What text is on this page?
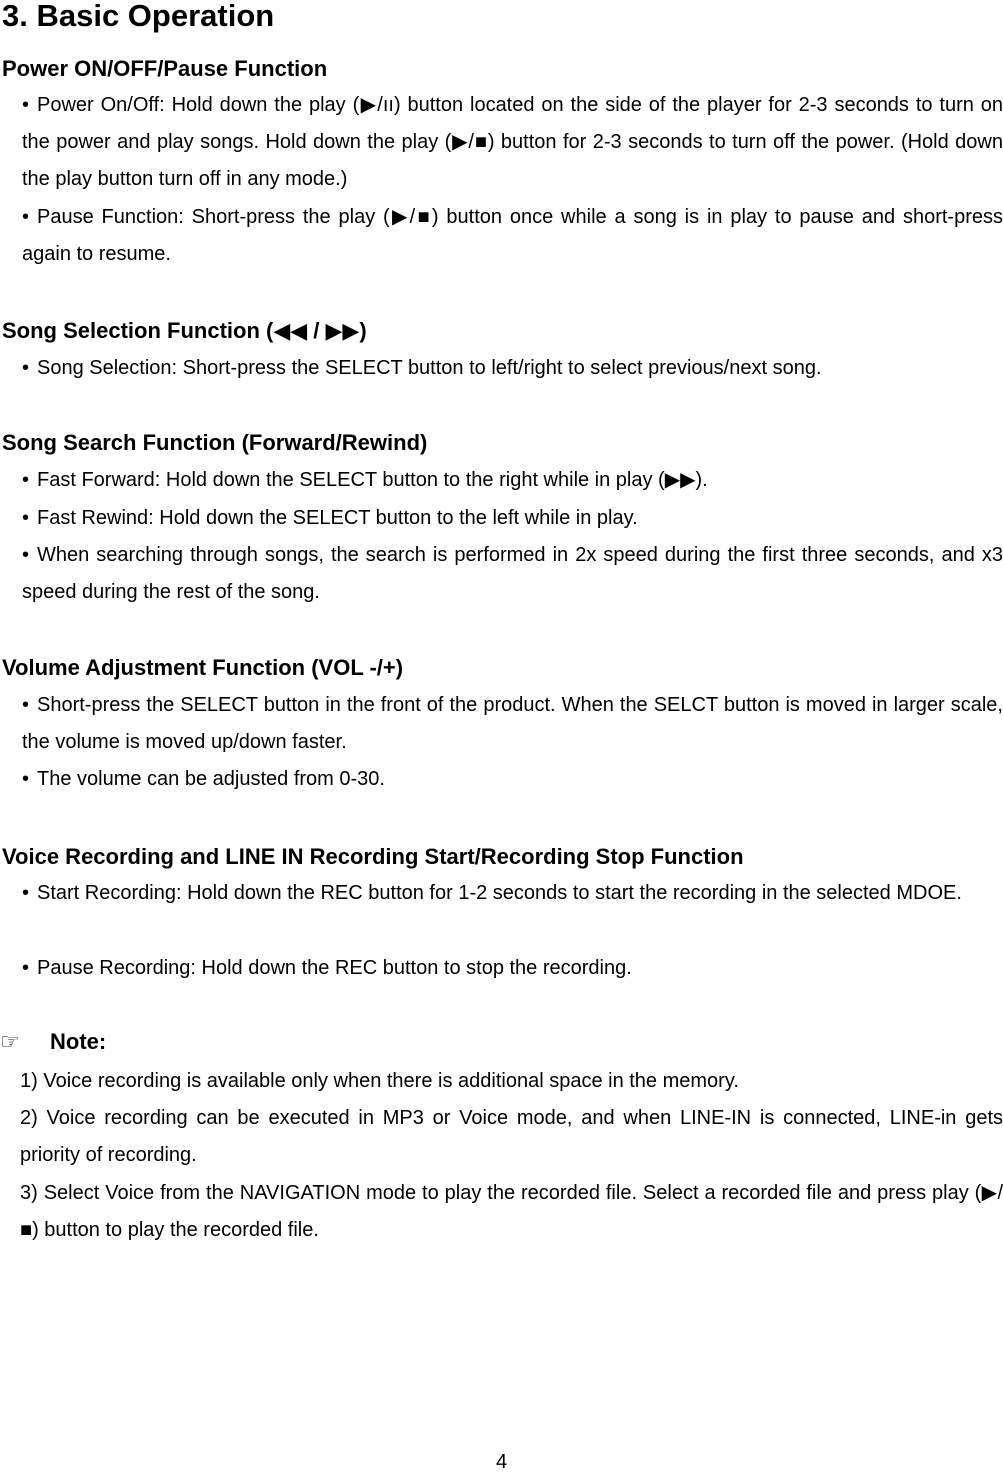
3. Basic Operation
Power ON/OFF/Pause Function
• Power On/Off: Hold down the play (▶/ıı) button located on the side of the player for 2-3 seconds to turn on the power and play songs. Hold down the play (▶/■) button for 2-3 seconds to turn off the power. (Hold down the play button turn off in any mode.)
• Pause Function: Short-press the play (▶/■) button once while a song is in play to pause and short-press again to resume.
Song Selection Function (◀◀ / ▶▶)
• Song Selection: Short-press the SELECT button to left/right to select previous/next song.
Song Search Function (Forward/Rewind)
• Fast Forward: Hold down the SELECT button to the right while in play (▶▶).
• Fast Rewind: Hold down the SELECT button to the left while in play.
• When searching through songs, the search is performed in 2x speed during the first three seconds, and x3 speed during the rest of the song.
Volume Adjustment Function (VOL -/+)
• Short-press the SELECT button in the front of the product. When the SELCT button is moved in larger scale, the volume is moved up/down faster.
• The volume can be adjusted from 0-30.
Voice Recording and LINE IN Recording Start/Recording Stop Function
• Start Recording: Hold down the REC button for 1-2 seconds to start the recording in the selected MDOE.
• Pause Recording: Hold down the REC button to stop the recording.
☞ Note:
1) Voice recording is available only when there is additional space in the memory.
2) Voice recording can be executed in MP3 or Voice mode, and when LINE-IN is connected, LINE-in gets priority of recording.
3) Select Voice from the NAVIGATION mode to play the recorded file. Select a recorded file and press play (▶/■) button to play the recorded file.
4
